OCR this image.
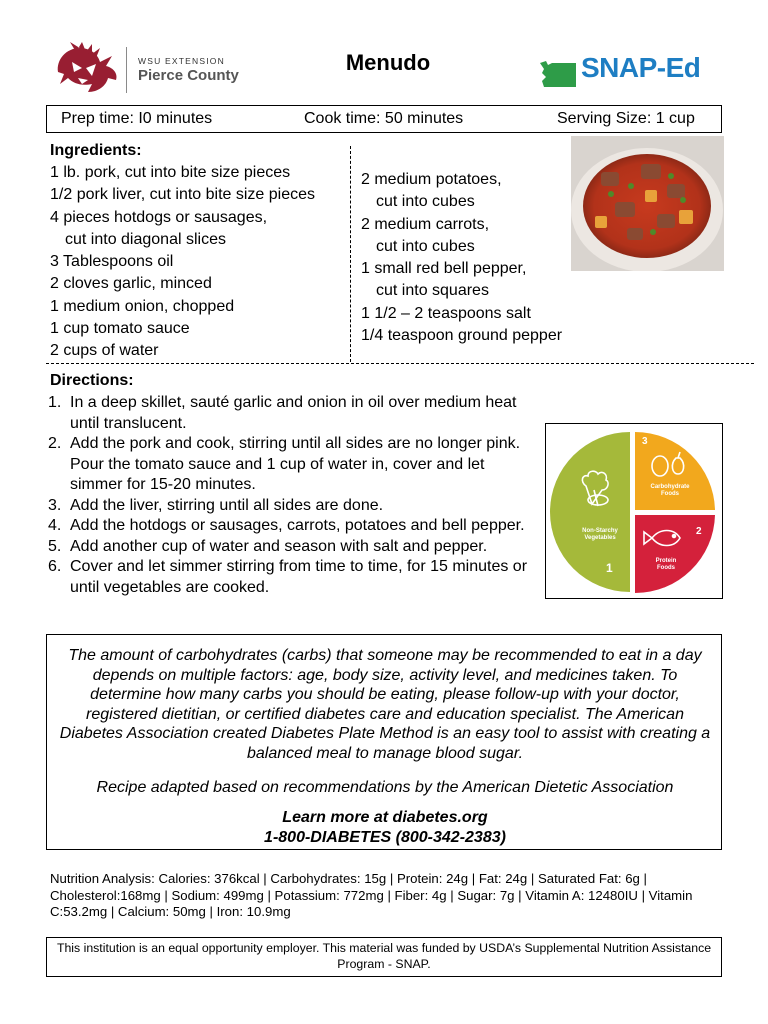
WSU EXTENSION
Pierce County
Menudo	SNAP-Ed
Prep time: I0 minutes	Cook time: 50 minutes	Serving Size: 1 cup
Ingredients:
1 lb. pork, cut into bite size pieces
1/2 pork liver, cut into bite size pieces
4 pieces hotdogs or sausages,
cut into diagonal slices
3 Tablespoons oil
2 cloves garlic, minced
1 medium onion, chopped
1 cup tomato sauce
2 cups of water
2 medium potatoes,
cut into cubes
2 medium carrots,
cut into cubes
1 small red bell pepper,
cut into squares
1 1/2 – 2 teaspoons salt
1/4 teaspoon ground pepper
Directions:
1. In a deep skillet, sauté garlic and onion in oil over medium heat until translucent.
2. Add the pork and cook, stirring until all sides are no longer pink. Pour the tomato sauce and 1 cup of water in, cover and let simmer for 15-20 minutes.
3. Add the liver, stirring until all sides are done.
4. Add the hotdogs or sausages, carrots, potatoes and bell pepper.
5. Add another cup of water and season with salt and pepper.
6. Cover and let simmer stirring from time to time, for 15 minutes or until vegetables are cooked.
Non-Starchy Vegetables
1
3
Carbohydrate Foods
2
Protein Foods
The amount of carbohydrates (carbs) that someone may be recommended to eat in a day depends on multiple factors: age, body size, activity level, and medicines taken. To determine how many carbs you should be eating, please follow-up with your doctor, registered dietitian, or certified diabetes care and education specialist. The American Diabetes Association created Diabetes Plate Method is an easy tool to assist with creating a balanced meal to manage blood sugar.
Recipe adapted based on recommendations by the American Dietetic Association
Learn more at diabetes.org
1-800-DIABETES (800-342-2383)
Nutrition Analysis: Calories: 376kcal | Carbohydrates: 15g | Protein: 24g | Fat: 24g | Saturated Fat: 6g | Cholesterol:168mg | Sodium: 499mg | Potassium: 772mg | Fiber: 4g | Sugar: 7g | Vitamin A: 12480IU | Vitamin C:53.2mg | Calcium: 50mg | Iron: 10.9mg
This institution is an equal opportunity employer. This material was funded by USDA’s Supplemental Nutrition Assistance Program - SNAP.
